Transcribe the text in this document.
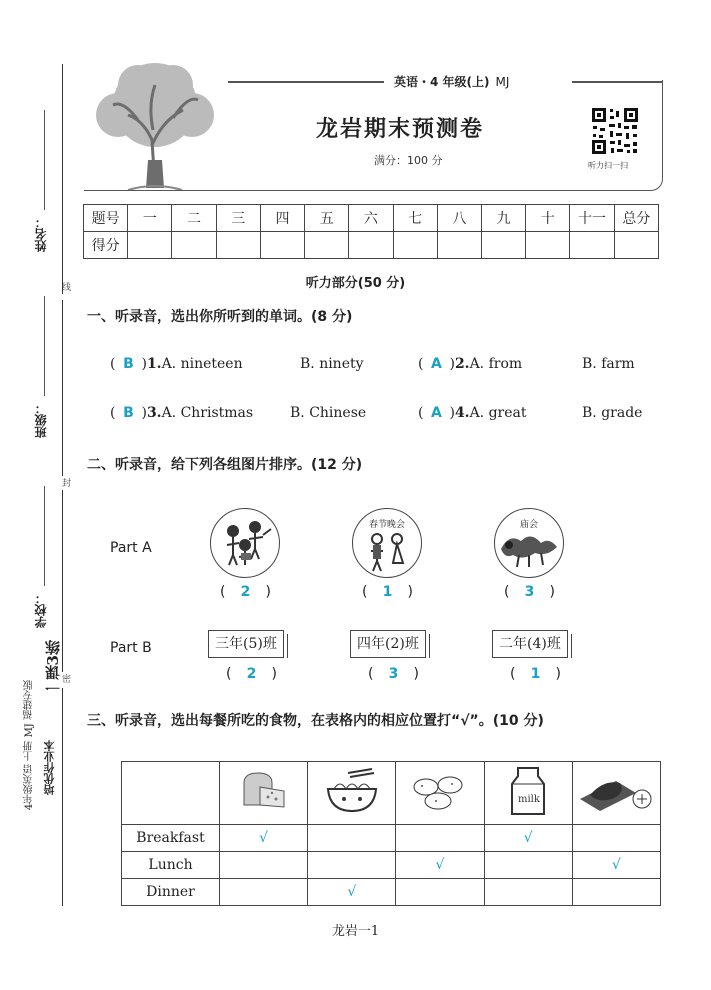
线
封
密
姓名：
班级：
学校：
一课3练
培优作业本
4年级英语 上册 MJ 福建专版
英语・4 年级(上) MJ
龙岩期末预测卷
满分：100 分	听力扫一扫
题号	一	二	三	四	五	六	七	八	九	十	十一	总分
得分												
听力部分(50 分)
一、听录音，选出你所听到的单词。(8 分)
( B )1.A. nineteen	B. ninety	( A )2.A. from	B. farm
( B )3.A. Christmas	B. Chinese	( A )4.A. great	B. grade
二、听录音，给下列各组图片排序。(12 分)
Part A
春节晚会	庙会
( 2 )	( 1 )	( 3 )
Part B	三年(5)班	四年(2)班	二年(4)班
( 2 )	( 3 )	( 1 )
三、听录音，选出每餐所吃的食物，在表格内的相应位置打“√”。(10 分)

milk

Breakfast	√			√	
Lunch			√		√
Dinner		√			
龙岩一1
